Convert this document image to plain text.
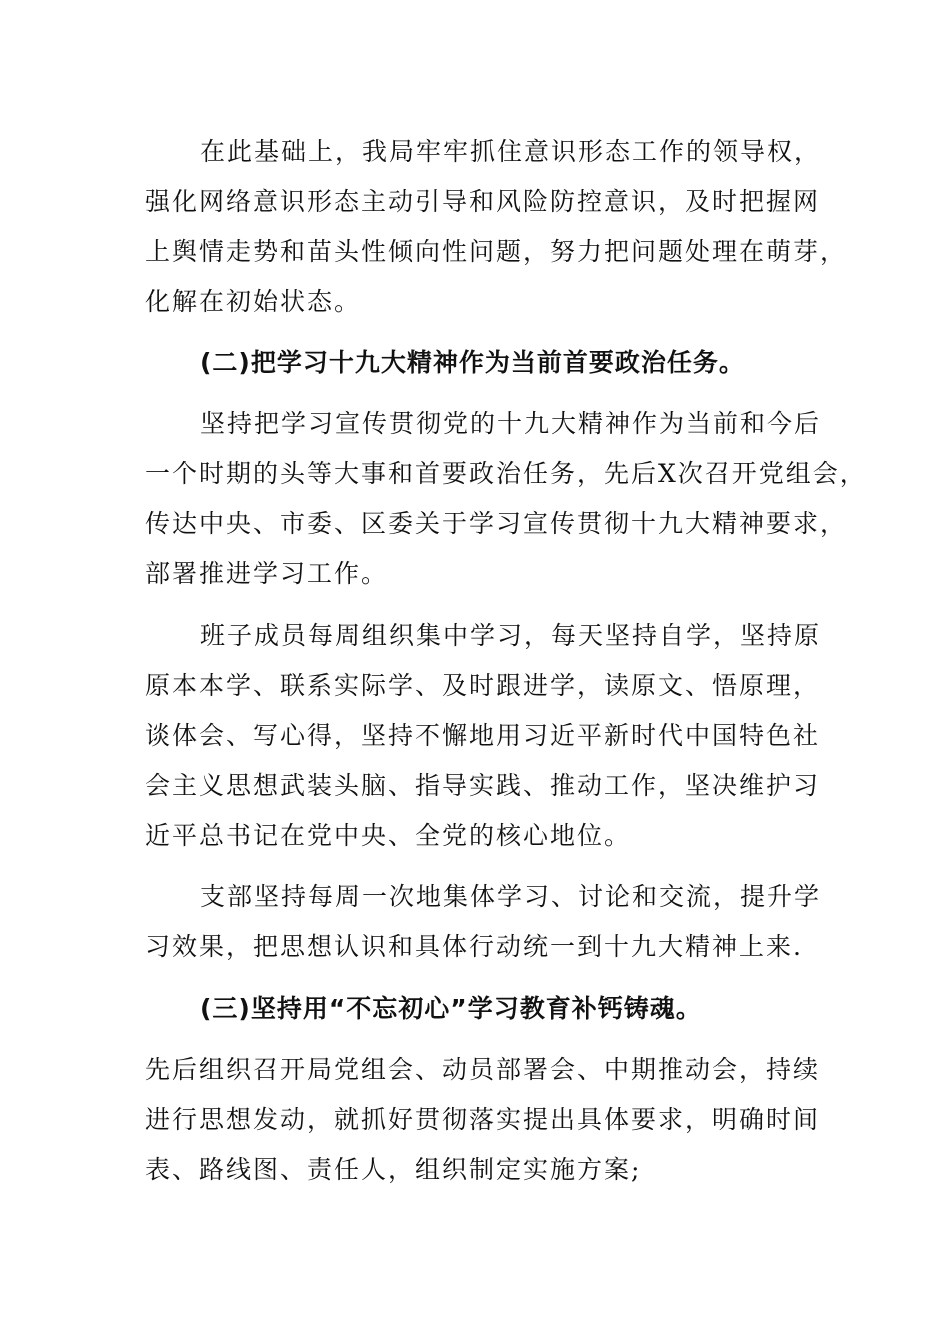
在此基础上，我局牢牢抓住意识形态工作的领导权，
强化网络意识形态主动引导和风险防控意识，及时把握网
上舆情走势和苗头性倾向性问题，努力把问题处理在萌芽，
化解在初始状态。
(二)把学习十九大精神作为当前首要政治任务。
坚持把学习宣传贯彻党的十九大精神作为当前和今后
一个时期的头等大事和首要政治任务，先后X次召开党组会，
传达中央、市委、区委关于学习宣传贯彻十九大精神要求，
部署推进学习工作。
班子成员每周组织集中学习，每天坚持自学，坚持原
原本本学、联系实际学、及时跟进学，读原文、悟原理，
谈体会、写心得，坚持不懈地用习近平新时代中国特色社
会主义思想武装头脑、指导实践、推动工作，坚决维护习
近平总书记在党中央、全党的核心地位。
支部坚持每周一次地集体学习、讨论和交流，提升学
习效果，把思想认识和具体行动统一到十九大精神上来.
(三)坚持用“不忘初心”学习教育补钙铸魂。
先后组织召开局党组会、动员部署会、中期推动会，持续
进行思想发动，就抓好贯彻落实提出具体要求，明确时间
表、路线图、责任人，组织制定实施方案;
